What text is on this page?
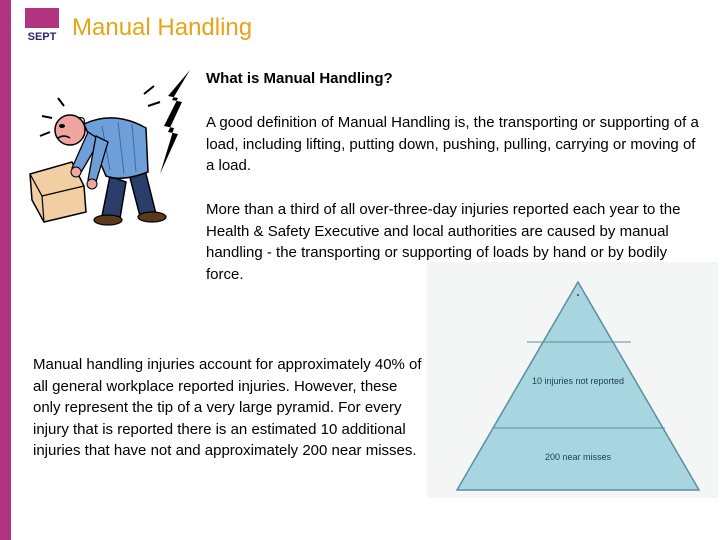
SEPT Manual Handling
What is Manual Handling?
A good definition of Manual Handling is, the transporting or supporting of a load, including lifting, putting down, pushing, pulling, carrying or moving of a load.
More than a third of all over-three-day injuries reported each year to the Health & Safety Executive and local authorities are caused by manual handling - the transporting or supporting of loads by hand or by bodily force.
Manual handling injuries account for approximately 40% of all general workplace reported injuries. However, these only represent the tip of a very large pyramid. For every injury that is reported there is an estimated 10 additional injuries that have not and approximately 200 near misses.
10 injuries not reported
200 near misses
